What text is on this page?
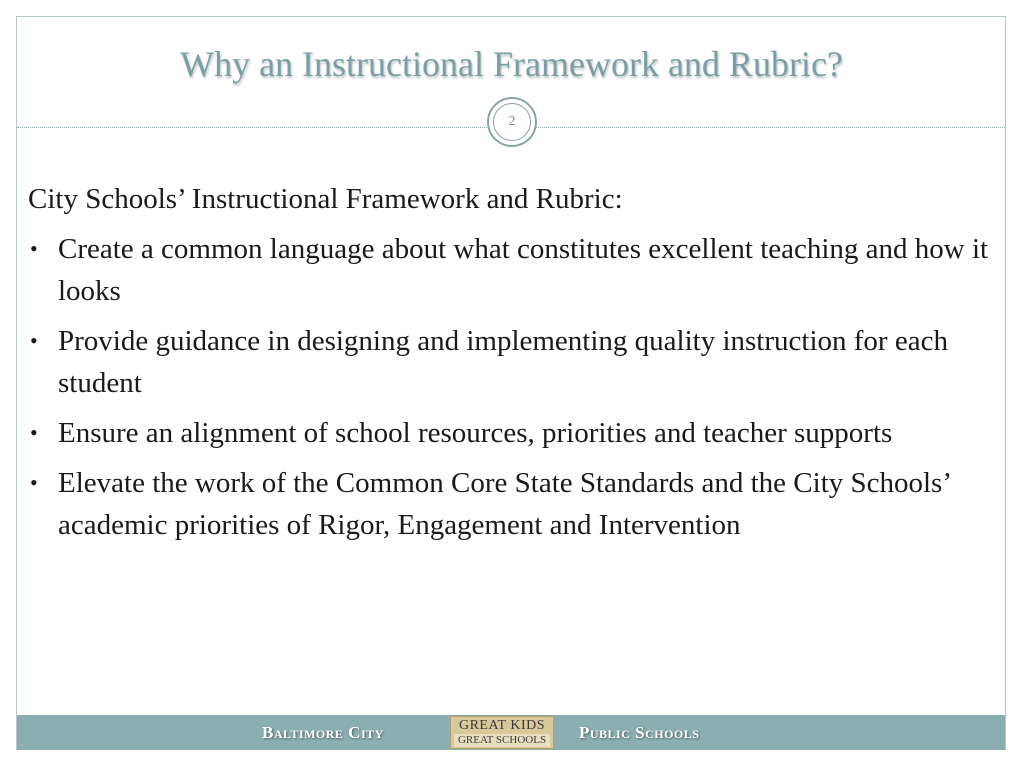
Why an Instructional Framework and Rubric?
2

City Schools’ Instructional Framework and Rubric:

• Create a common language about what constitutes excellent teaching and how it looks
• Provide guidance in designing and implementing quality instruction for each student
• Ensure an alignment of school resources, priorities and teacher supports
• Elevate the work of the Common Core State Standards and the City Schools’ academic priorities of Rigor, Engagement and Intervention
Baltimore City	GREAT KIDS
GREAT SCHOOLS Public Schools
